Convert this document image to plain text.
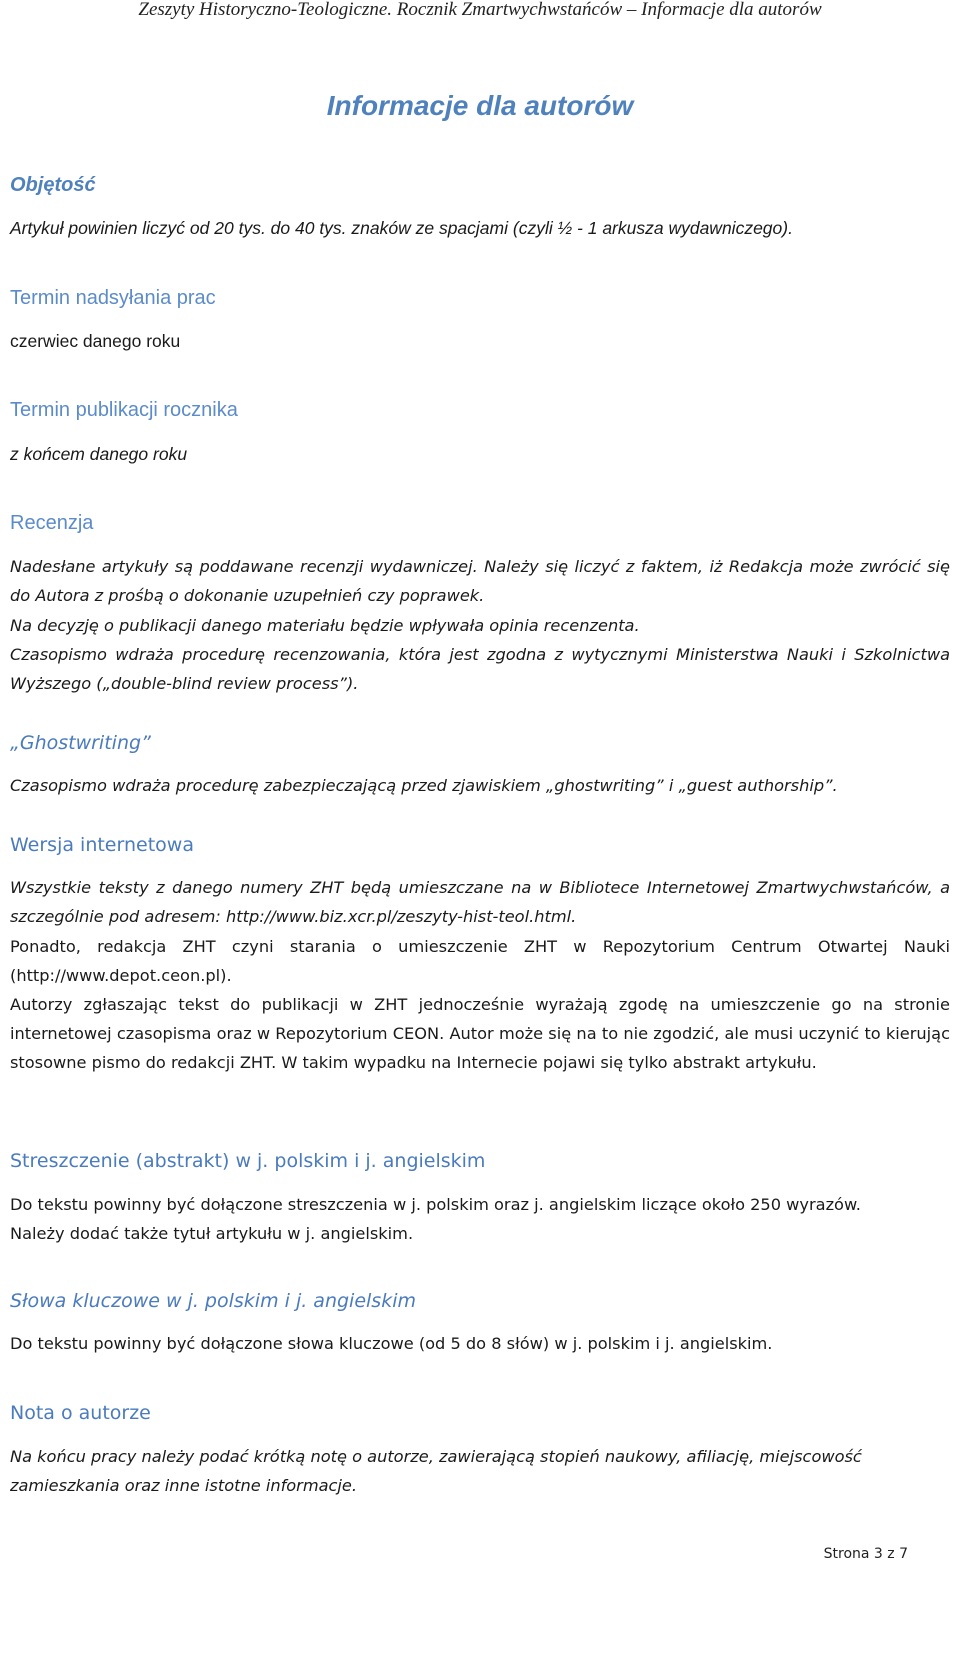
Zeszyty Historyczno-Teologiczne. Rocznik Zmartwychwstańców – Informacje dla autorów
Informacje dla autorów
Objętość

Artykuł powinien liczyć od 20 tys. do 40 tys. znaków ze spacjami (czyli ½ - 1 arkusza wydawniczego).

Termin nadsyłania prac

czerwiec danego roku

Termin publikacji rocznika

z końcem danego roku

Recenzja

Nadesłane artykuły są poddawane recenzji wydawniczej. Należy się liczyć z faktem, iż Redakcja może zwrócić się do Autora z prośbą o dokonanie uzupełnień czy poprawek.

Na decyzję o publikacji danego materiału będzie wpływała opinia recenzenta.

Czasopismo wdraża procedurę recenzowania, która jest zgodna z wytycznymi Ministerstwa Nauki i Szkolnictwa Wyższego („double-blind review process”).

„Ghostwriting”

Czasopismo wdraża procedurę zabezpieczającą przed zjawiskiem „ghostwriting” i „guest authorship”.

Wersja internetowa

Wszystkie teksty z danego numery ZHT będą umieszczane na w Bibliotece Internetowej Zmartwychwstańców, a szczególnie pod adresem: http://www.biz.xcr.pl/zeszyty-hist-teol.html.

Ponadto, redakcja ZHT czyni starania o umieszczenie ZHT w Repozytorium Centrum Otwartej Nauki (http://www.depot.ceon.pl).

Autorzy zgłaszając tekst do publikacji w ZHT jednocześnie wyrażają zgodę na umieszczenie go na stronie internetowej czasopisma oraz w Repozytorium CEON. Autor może się na to nie zgodzić, ale musi uczynić to kierując stosowne pismo do redakcji ZHT. W takim wypadku na Internecie pojawi się tylko abstrakt artykułu.

Streszczenie (abstrakt) w j. polskim i j. angielskim

Do tekstu powinny być dołączone streszczenia w j. polskim oraz j. angielskim liczące około 250 wyrazów.

Należy dodać także tytuł artykułu w j. angielskim.

Słowa kluczowe w j. polskim i j. angielskim

Do tekstu powinny być dołączone słowa kluczowe (od 5 do 8 słów) w j. polskim i j. angielskim.

Nota o autorze

Na końcu pracy należy podać krótką notę o autorze, zawierającą stopień naukowy, afiliację, miejscowość zamieszkania oraz inne istotne informacje.

Strona 3 z 7
